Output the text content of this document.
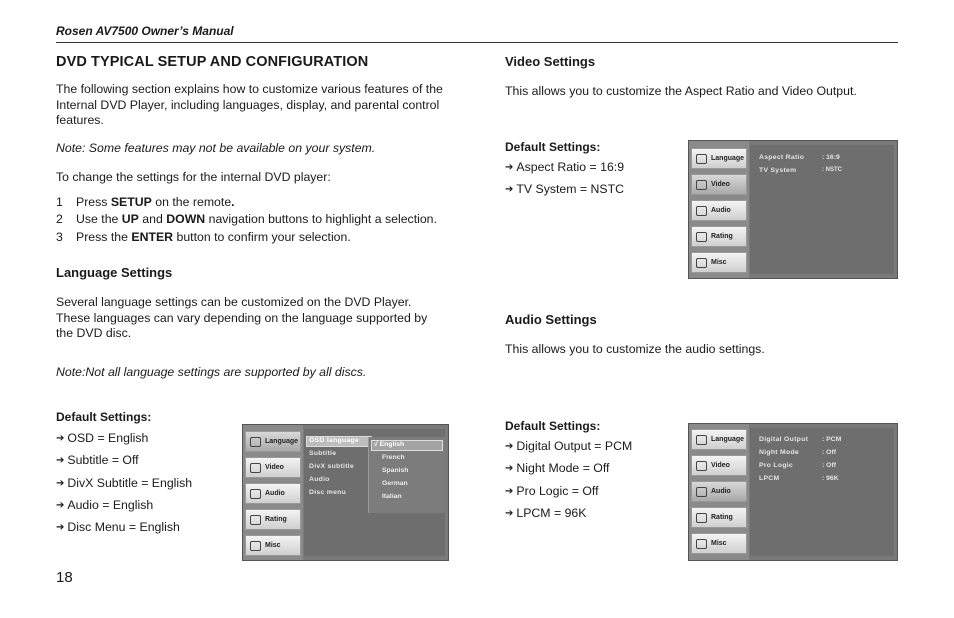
Rosen AV7500 Owner’s Manual
DVD TYPICAL SETUP AND CONFIGURATION
The following section explains how to customize various features of the Internal DVD Player, including languages, display, and parental control features.
Note: Some features may not be available on your system.
To change the settings for the internal DVD player:
1 Press SETUP on the remote.
2 Use the UP and DOWN navigation buttons to highlight a selection.
3 Press the ENTER button to confirm your selection.
Language Settings
Several language settings can be customized on the DVD Player. These languages can vary depending on the language supported by the DVD disc.
Note:Not all language settings are supported by all discs.
Default Settings:
➔ OSD = English
➔ Subtitle = Off
➔ DivX Subtitle = English
➔ Audio = English
➔ Disc Menu = English
Language
Video
Audio
Rating
Misc
OSD language
Subtitle
DivX subtitle
Audio
Disc menu
√ English
French
Spanish
German
Italian
18
Video Settings
This allows you to customize the Aspect Ratio and Video Output.
Default Settings:
➔ Aspect Ratio = 16:9
➔ TV System = NSTC
Language
Video
Audio
Rating
Misc
Aspect Ratio	: 16:9
TV System	: NSTC
Audio Settings
This allows you to customize the audio settings.
Default Settings:
➔ Digital Output = PCM
➔ Night Mode = Off
➔ Pro Logic = Off
➔ LPCM = 96K
Language
Video
Audio
Rating
Misc
Digital Output : PCM
Night Mode	: Off
Pro Logic	: Off
LPCM	: 96K
